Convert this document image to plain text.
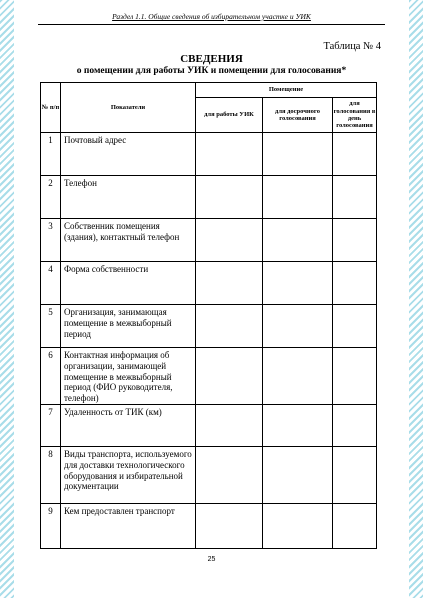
Раздел 1.1. Общие сведения об избирательном участке и УИК
Таблица № 4
СВЕДЕНИЯ
о помещении для работы УИК и помещении для голосования*
№ п/п	Показатели	Помещение		
		для работы УИК	для досрочного голосования	для голосования в день голосования
1	Почтовый адрес			
2	Телефон			
3	Собственник помещения (здания), контактный телефон			
4	Форма собственности			
5	Организация, занимающая помещение в межвыборный период			
6	Контактная информация об организации, занимающей помещение в межвыборный период (ФИО руководителя, телефон)			
7	Удаленность от ТИК (км)			
8	Виды транспорта, используемого для доставки технологического оборудования и избирательной документации			
9	Кем предоставлен транспорт			
25
